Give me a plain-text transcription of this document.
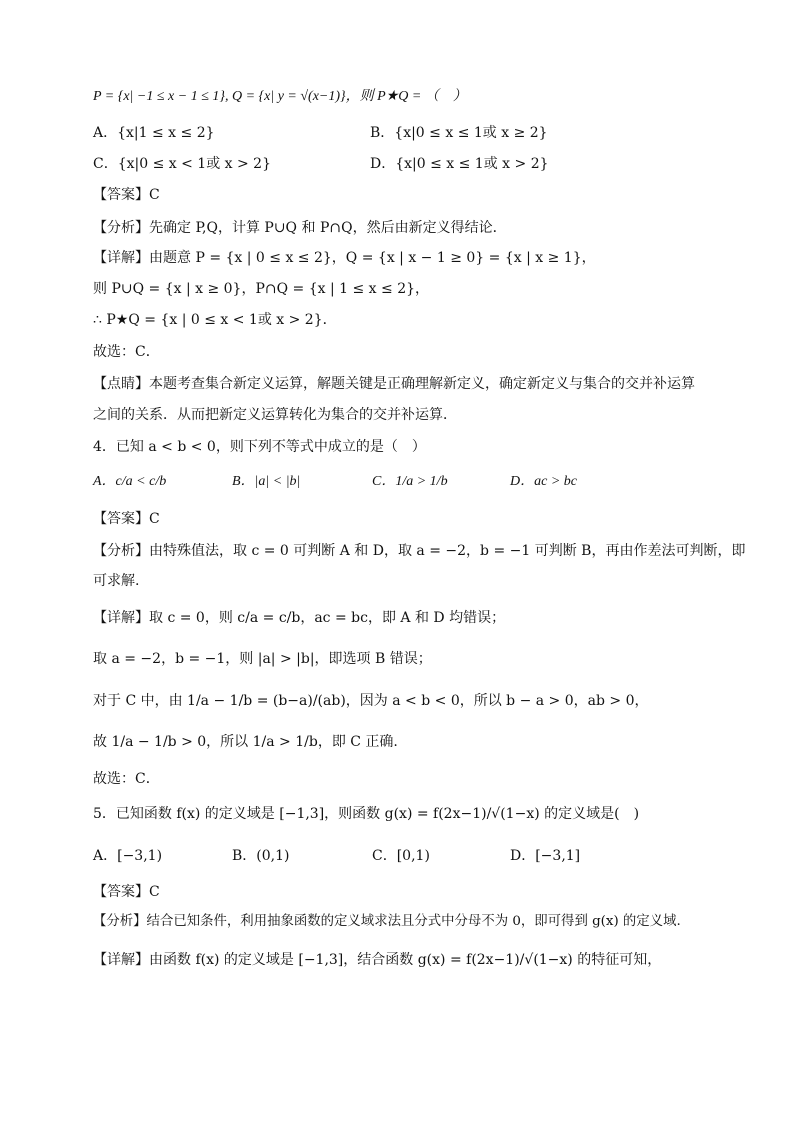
P = {x| −1 ≤ x − 1 ≤ 1}, Q = {x| y = √(x−1)}，则 P★Q = （　）
A．{x|1 ≤ x ≤ 2}	B．{x|0 ≤ x ≤ 1或 x ≥ 2}
C．{x|0 ≤ x < 1或 x > 2}	D．{x|0 ≤ x ≤ 1或 x > 2}
【答案】C
【分析】先确定 P,Q，计算 P∪Q 和 P∩Q，然后由新定义得结论．
【详解】由题意 P = {x | 0 ≤ x ≤ 2}，Q = {x | x − 1 ≥ 0} = {x | x ≥ 1}，
则 P∪Q = {x | x ≥ 0}，P∩Q = {x | 1 ≤ x ≤ 2}，
∴ P★Q = {x | 0 ≤ x < 1或 x > 2}．
故选：C．
【点睛】本题考查集合新定义运算，解题关键是正确理解新定义，确定新定义与集合的交并补运算
之间的关系．从而把新定义运算转化为集合的交并补运算．
4．已知 a < b < 0，则下列不等式中成立的是（　）
A．c/a < c/b	B．|a| < |b|	C．1/a > 1/b	D．ac > bc
【答案】C
【分析】由特殊值法，取 c = 0 可判断 A 和 D，取 a = −2，b = −1 可判断 B，再由作差法可判断，即
可求解.
【详解】取 c = 0，则 c/a = c/b，ac = bc，即 A 和 D 均错误；
取 a = −2，b = −1，则 |a| > |b|，即选项 B 错误；
对于 C 中，由 1/a − 1/b = (b−a)/(ab)，因为 a < b < 0，所以 b − a > 0，ab > 0，
故 1/a − 1/b > 0，所以 1/a > 1/b，即 C 正确.
故选：C．
5．已知函数 f(x) 的定义域是 [−1,3]，则函数 g(x) = f(2x−1)/√(1−x) 的定义域是(　)
A．[−3,1)	B．(0,1)	C．[0,1)	D．[−3,1]
【答案】C
【分析】结合已知条件，利用抽象函数的定义域求法且分式中分母不为 0，即可得到 g(x) 的定义域.
【详解】由函数 f(x) 的定义域是 [−1,3]，结合函数 g(x) = f(2x−1)/√(1−x) 的特征可知，
